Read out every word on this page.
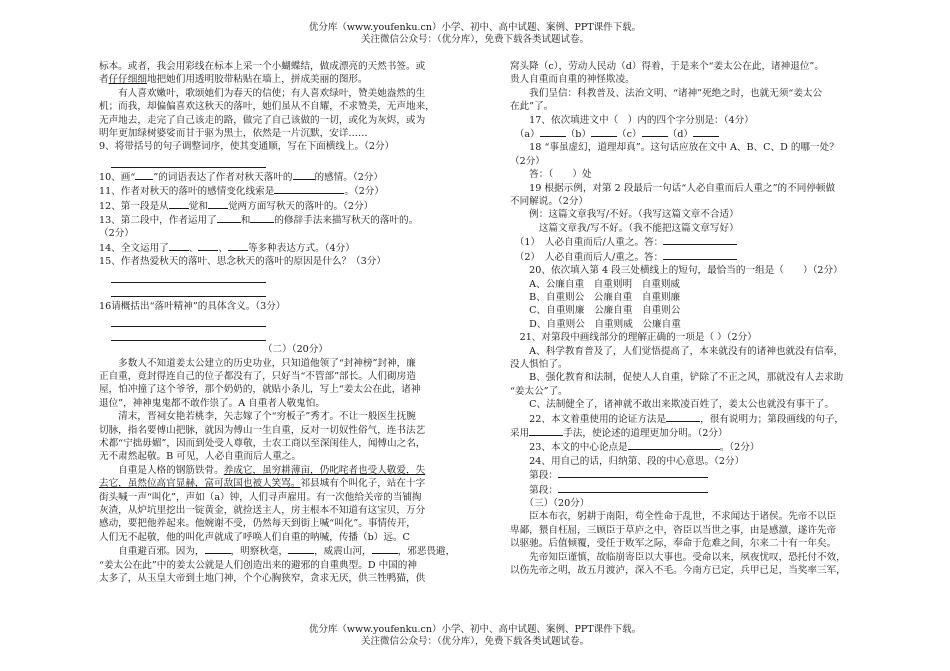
优分库（www.youfenku.cn）小学、初中、高中试题、案例、PPT课件下载。
关注微信公众号：（优分库），免费下载各类试题试卷。

标本。或者，我会用彩线在标本上采一个小蝴蝶结，做成漂亮的天然书签。或

者仔仔细细地把她们用透明胶带粘贴在墙上，拼成美丽的图形。

　　有人喜欢嫩叶，歌颂她们为春天的信使；有人喜欢绿叶，赞美她盎然的生

机；而我，却偏偏喜欢这秋天的落叶，她们虽从不自耀，不求赞美，无声地来，

无声地去，走完了自己该走的路，做完了自己该做的一切，或化为灰烬，或为

明年更加绿树婆娑而甘于驱为黑土，依然是一片沉默，安详……

9、将带括号的句子调整词序，使其变通顺，写在下面横线上。（2分）

10、画“ ”的词语表达了作者对秋天落叶的 的感情。（2分）

11、作者对秋天的落叶的感情变化线索是	。（2分）

12、第一段是从 觉和 觉两方面写秋天的落叶的。（2分）

13、第二段中，作者运用了	和	的修辞手法来描写秋天的落叶的。

（2分）

14、全文运用了 、 、 等多种表达方式。（4分）

15、作者热爱秋天的落叶、思念秋天的落叶的原因是什么？（3分）

16请概括出“落叶精神”的具体含义。（3分）

（二）（20分）

　　多数人不知道姜太公建立的历史功业，只知道他领了“封神榜”封神，廉

正自重，竟封得连自己的位子都没有了，只好当“不管部”部长。人们砌房造

屋，怕冲撞了这个爷爷，那个奶奶的，就贴小条儿，写上“姜太公在此，诸神

退位”，神神鬼鬼都不敢作祟了。A 自重者人敬鬼怕。

　　清末，晋祠女艳若桃李，矢志嫁了个“穷板子”秀才。不让一般医生抚腕

切脉，指名要傅山把脉，就因为傅山一生自重，反对一切奴性俗气，连书法艺

术都“宁拙毋媚”，因而到处受人尊敬，士农工商以至深闺佳人，闻傅山之名，

无不肃然起敬。B 可见，人必自重而后人重之。

　　自重是人格的钢筋铁骨。养成它，虽穷耕薄亩，仍叱咤者也受人敬爱，失

去它，虽然位高官显赫，富可敌国也被人笑骂。祁县城有个叫化子，站在十字

街头喊一声“叫化”，声如（a）钟，人们寻声雇用。有一次他给关帝的当铺掏

灰渣，从炉坑里挖出一锭黄金，就捡送主人，房主根本不知道有这宝贝，万分

感动，要把他养起来。他婉谢不受，仍然每天到街上喊“叫化”。事情传开，

人们无不起敬，他的叫化声就成了呼唤人们自重的呐喊，传播（b）远。C

　　自重避百邪。因为，	，明察秋毫，	，威震山河，	，邪恶畏避，

“姜太公在此”中的姜太公就是人们创造出来的避邪的自重典型。D 中国的神

太多了，从玉皇大帝到土地门神，个个心胸狭窄，贪求无厌，供三牲鸭猫，供

窝头降（c），劳动人民动（d）得着，于是来个“姜太公在此，诸神退位”。

贵人自重而自重的神怪欺凌。

　　我们呈信：科教普及、法治文明、“诸神”死绝之时，也就无须“姜太公

在此”了。

　　17、依次填进文中（　）内的四个字分别是：（4分）

　（a）	（b）	（c）	（d）

　　18 “事虽虚幻，道理却真”。这句话应放在文中 A、B、C、D 的哪一处？

（2分）

　　答：（　　）处

　　19 根据示例，对第 2 段最后一句话“人必自重而后人重之”的不同停顿做

不同解说。（2分）

　　例：这篇文章我写/不好。（我写这篇文章不合适）

　　　这篇文章我/写不好。（我不能把这篇文章写好）

　（1）　人必自重而后/人重之。答：

　（2）　人必自重而后人/重之。答：

　　20、依次填入第 4 段三处横线上的短句，最恰当的一组是（　　）（2分）

　　A、公廉自重　自重则明　自重则威

　　B、自重则公　公廉自重　自重则廉

　　C、自重则廉　公廉自重　自重则公

　　D、自重则公　自重则威　公廉自重

　21、对第段中画线部分的理解正确的一项是（ ）（2分）

　　A、科学教育普及了，人们觉悟提高了，本来就没有的诸神也就没有信奉，

没人惧怕了。

　　B、强化教育和法制，促使人人自重，铲除了不正之风，那就没有人去求助

“姜太公”了。

　　C、法制健全了，诸神就不敢出来欺凌百姓了，姜太公也就没有事干了。

　　22、本文着重使用的论证方法是	，很有说明力；第段画线的句子，

采用	手法，使论述的道理更加分明。（2分）

　　23、本文的中心论点是	。（2分）

　　24、用自己的话，归纳第、段的中心意思。（2分）

　　第段：

　　第段：

　　（三）（20分）

　　臣本布衣，躬耕于南阳，苟全性命于乱世，不求闻达于诸侯。先帝不以臣

卑鄙，猥自枉屈，三顾臣于草庐之中，咨臣以当世之事，由是感激，遂许先帝

以驱驰。后值倾覆，受任于败军之际，奉命于危难之间，尔来二十有一年矣。

　　先帝知臣谨慎，故临崩寄臣以大事也。受命以来，夙夜忧叹，恐托付不效，

以伤先帝之明，故五月渡泸，深入不毛。今南方已定，兵甲已足，当奖率三军，

优分库（www.youfenku.cn）小学、初中、高中试题、案例、PPT课件下载。
关注微信公众号：（优分库），免费下载各类试题试卷。
